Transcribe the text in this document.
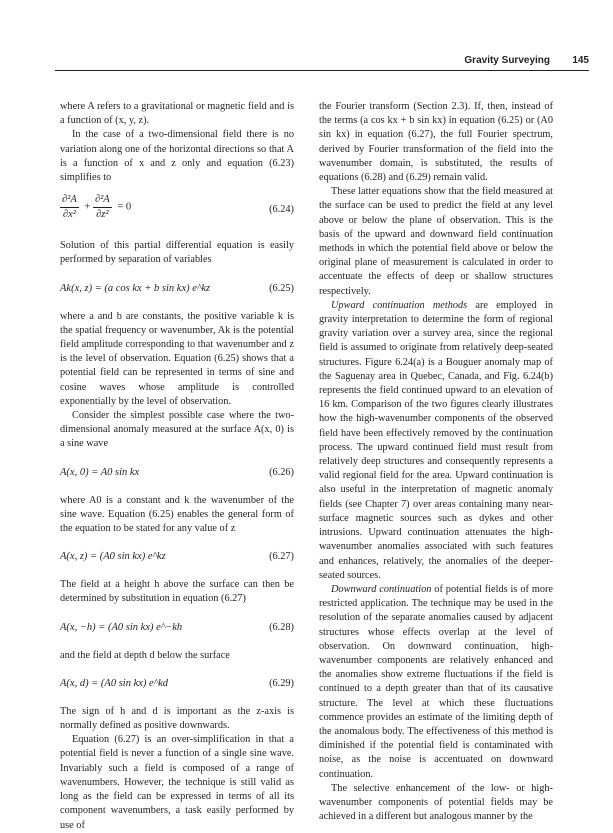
Gravity Surveying 145

where A refers to a gravitational or magnetic field and is a function of (x, y, z).

In the case of a two-dimensional field there is no variation along one of the horizontal directions so that A is a function of x and z only and equation (6.23) simplifies to

$\frac{\text{∂²A}}{\text{∂x²}} + \frac{\text{∂²A}}{\text{∂z²}} = 0$	(6.24)

Solution of this partial differential equation is easily performed by separation of variables

Ak(x, z) = (a cos kx + b sin kx) e^kz	(6.25)

where a and b are constants, the positive variable k is the spatial frequency or wavenumber, Ak is the potential field amplitude corresponding to that wavenumber and z is the level of observation. Equation (6.25) shows that a potential field can be represented in terms of sine and cosine waves whose amplitude is controlled exponentially by the level of observation.

Consider the simplest possible case where the two-dimensional anomaly measured at the surface A(x, 0) is a sine wave

A(x, 0) = A0 sin kx	(6.26)

where A0 is a constant and k the wavenumber of the sine wave. Equation (6.25) enables the general form of the equation to be stated for any value of z

A(x, z) = (A0 sin kx) e^kz	(6.27)

The field at a height h above the surface can then be determined by substitution in equation (6.27)

A(x, −h) = (A0 sin kx) e^−kh	(6.28)

and the field at depth d below the surface

A(x, d) = (A0 sin kx) e^kd	(6.29)

The sign of h and d is important as the z-axis is normally defined as positive downwards.

Equation (6.27) is an over-simplification in that a potential field is never a function of a single sine wave. Invariably such a field is composed of a range of wavenumbers. However, the technique is still valid as long as the field can be expressed in terms of all its component wavenumbers, a task easily performed by use of

the Fourier transform (Section 2.3). If, then, instead of the terms (a cos kx + b sin kx) in equation (6.25) or (A0 sin kx) in equation (6.27), the full Fourier spectrum, derived by Fourier transformation of the field into the wavenumber domain, is substituted, the results of equations (6.28) and (6.29) remain valid.

These latter equations show that the field measured at the surface can be used to predict the field at any level above or below the plane of observation. This is the basis of the upward and downward field continuation methods in which the potential field above or below the original plane of measurement is calculated in order to accentuate the effects of deep or shallow structures respectively.

Upward continuation methods are employed in gravity interpretation to determine the form of regional gravity variation over a survey area, since the regional field is assumed to originate from relatively deep-seated structures. Figure 6.24(a) is a Bouguer anomaly map of the Saguenay area in Quebec, Canada, and Fig. 6.24(b) represents the field continued upward to an elevation of 16 km. Comparison of the two figures clearly illustrates how the high-wavenumber components of the observed field have been effectively removed by the continuation process. The upward continued field must result from relatively deep structures and consequently represents a valid regional field for the area. Upward continuation is also useful in the interpretation of magnetic anomaly fields (see Chapter 7) over areas containing many near-surface magnetic sources such as dykes and other intrusions. Upward continuation attenuates the high-wavenumber anomalies associated with such features and enhances, relatively, the anomalies of the deeper-seated sources.

Downward continuation of potential fields is of more restricted application. The technique may be used in the resolution of the separate anomalies caused by adjacent structures whose effects overlap at the level of observation. On downward continuation, high-wavenumber components are relatively enhanced and the anomalies show extreme fluctuations if the field is continued to a depth greater than that of its causative structure. The level at which these fluctuations commence provides an estimate of the limiting depth of the anomalous body. The effectiveness of this method is diminished if the potential field is contaminated with noise, as the noise is accentuated on downward continuation.

The selective enhancement of the low- or high-wavenumber components of potential fields may be achieved in a different but analogous manner by the
